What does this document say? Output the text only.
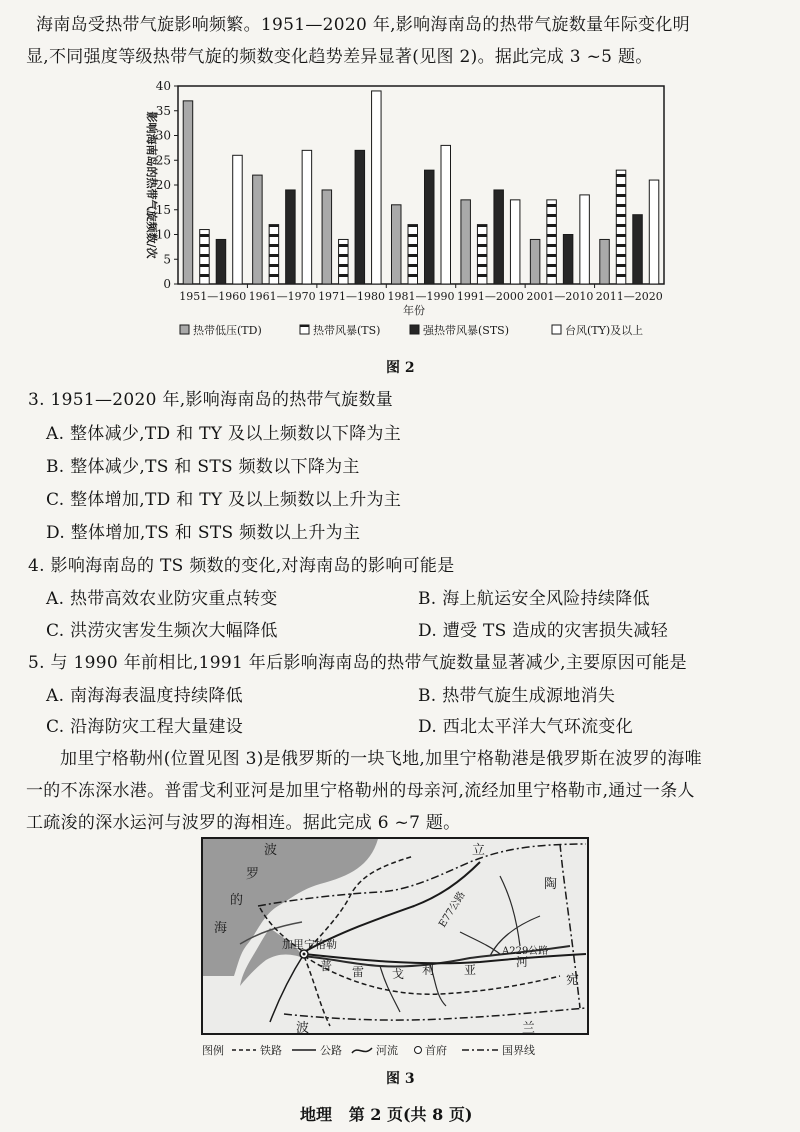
海南岛受热带气旋影响频繁。1951—2020 年,影响海南岛的热带气旋数量年际变化明
显,不同强度等级热带气旋的频数变化趋势差异显著(见图 2)。据此完成 3 ~5 题。
1951—1960 1961—1970 1971—1980 1981—1990 1991—2000 2001—2010 2011—2020
0
5
10
15
20
25
30
35
40
影响海南岛的热带气旋频数/次
年份
热带低压(TD)	热带风暴(TS)	强热带风暴(STS)	台风(TY)及以上
图 2
3. 1951—2020 年,影响海南岛的热带气旋数量
A. 整体减少,TD 和 TY 及以上频数以下降为主
B. 整体减少,TS 和 STS 频数以下降为主
C. 整体增加,TD 和 TY 及以上频数以上升为主
D. 整体增加,TS 和 STS 频数以上升为主
4. 影响海南岛的 TS 频数的变化,对海南岛的影响可能是
A. 热带高效农业防灾重点转变	B. 海上航运安全风险持续降低
C. 洪涝灾害发生频次大幅降低	D. 遭受 TS 造成的灾害损失减轻
5. 与 1990 年前相比,1991 年后影响海南岛的热带气旋数量显著减少,主要原因可能是
A. 南海海表温度持续降低	B. 热带气旋生成源地消失
C. 沿海防灾工程大量建设	D. 西北太平洋大气环流变化
加里宁格勒州(位置见图 3)是俄罗斯的一块飞地,加里宁格勒港是俄罗斯在波罗的海唯
一的不冻深水港。普雷戈利亚河是加里宁格勒州的母亲河,流经加里宁格勒市,通过一条人
工疏浚的深水运河与波罗的海相连。据此完成 6 ~7 题。
波
罗
的
海
立
陶
宛
波	兰
普 雷 戈 利 亚
河
加里宁格勒
E77公路
A229公路
图例	铁路	公路	河流 首府	国界线
图 3
地理   第 2 页(共 8 页)
